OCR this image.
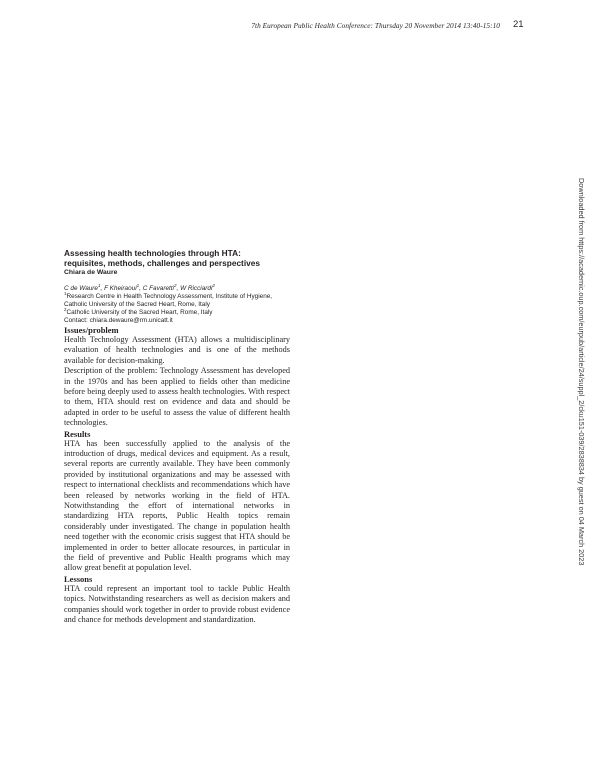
7th European Public Health Conference: Thursday 20 November 2014 13:40-15:10 21
Downloaded from https://academic.oup.com/eurpub/article/24/suppl_2/cku151-039/2838834 by guest on 04 March 2023

Assessing health technologies through HTA:
requisites, methods, challenges and perspectives

Chiara de Waure

C de Waure$^1$, F Kheiraoui$^1$, C Favaretti$^2$, W Ricciardi$^2$

$^1$Research Centre in Health Technology Assessment, Institute of Hygiene,
Catholic University of the Sacred Heart, Rome, Italy

$^2$Catholic University of the Sacred Heart, Rome, Italy

Contact: chiara.dewaure@rm.unicatt.it

Issues/problem

Health Technology Assessment (HTA) allows a multidisciplinary evaluation of health technologies and is one of the methods available for decision-making.

Description of the problem: Technology Assessment has developed in the 1970s and has been applied to fields other than medicine before being deeply used to assess health technologies. With respect to them, HTA should rest on evidence and data and should be adapted in order to be useful to assess the value of different health technologies.

Results

HTA has been successfully applied to the analysis of the introduction of drugs, medical devices and equipment. As a result, several reports are currently available. They have been commonly provided by institutional organizations and may be assessed with respect to international checklists and recommendations which have been released by networks working in the field of HTA. Notwithstanding the effort of international networks in standardizing HTA reports, Public Health topics remain considerably under investigated. The change in population health need together with the economic crisis suggest that HTA should be implemented in order to better allocate resources, in particular in the field of preventive and Public Health programs which may allow great benefit at population level.

Lessons

HTA could represent an important tool to tackle Public Health topics. Notwithstanding researchers as well as decision makers and companies should work together in order to provide robust evidence and chance for methods development and standardization.
